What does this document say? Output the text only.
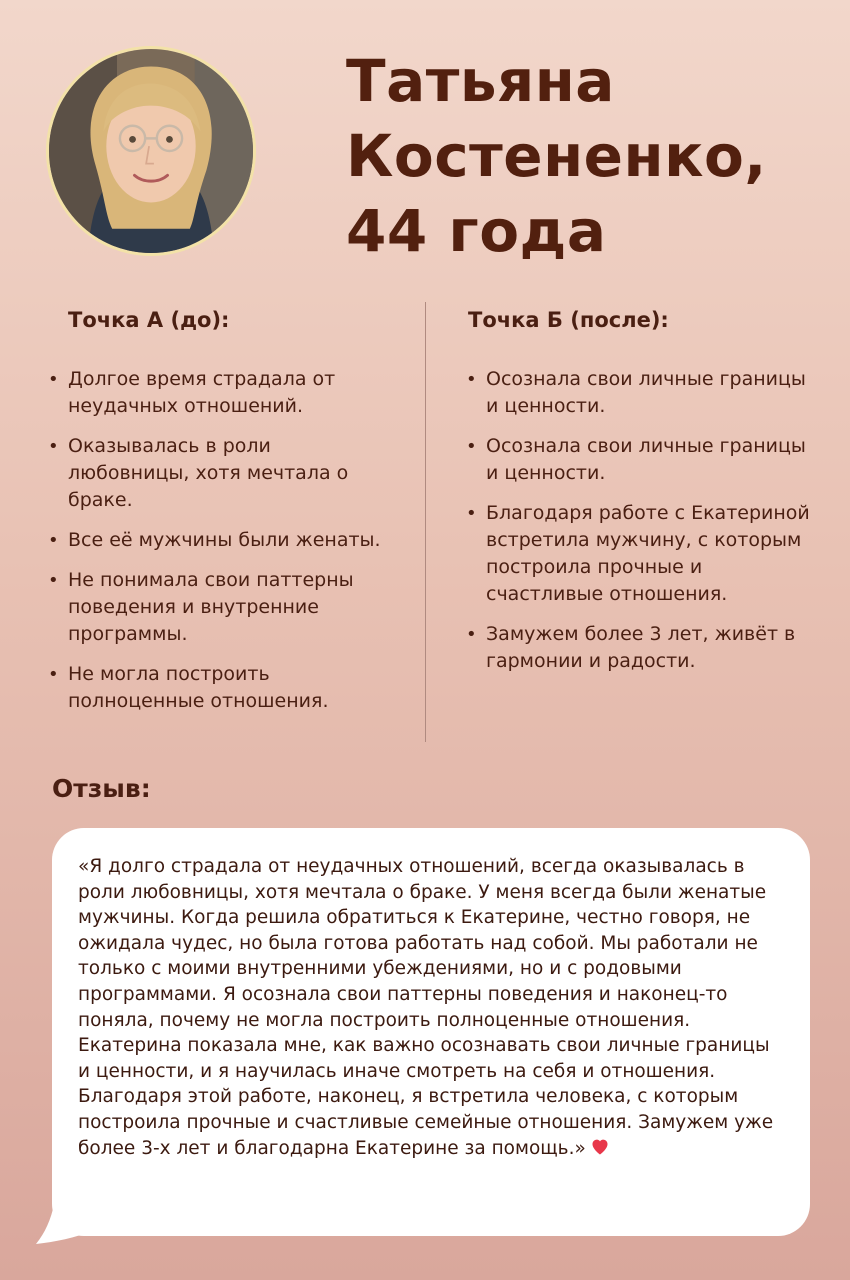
Татьяна
Костененко,
44 года
Точка А (до):	Точка Б (после):
• Долгое время страдала от неудачных отношений.
• Оказывалась в роли любовницы, хотя мечтала о браке.
• Все её мужчины были женаты.
• Не понимала свои паттерны поведения и внутренние программы.
• Не могла построить полноценные отношения.
• Осознала свои личные границы и ценности.
• Осознала свои личные границы и ценности.
• Благодаря работе с Екатериной встретила мужчину, с которым построила прочные и счастливые отношения.
• Замужем более 3 лет, живёт в гармонии и радости.
Отзыв:

«Я долго страдала от неудачных отношений, всегда оказывалась в роли любовницы, хотя мечтала о браке. У меня всегда были женатые мужчины. Когда решила обратиться к Екатерине, честно говоря, не ожидала чудес, но была готова работать над собой. Мы работали не только с моими внутренними убеждениями, но и с родовыми программами. Я осознала свои паттерны поведения и наконец-то поняла, почему не могла построить полноценные отношения. Екатерина показала мне, как важно осознавать свои личные границы и ценности, и я научилась иначе смотреть на себя и отношения. Благодаря этой работе, наконец, я встретила человека, с которым построила прочные и счастливые семейные отношения. Замужем уже более 3-х лет и благодарна Екатерине за помощь.»
